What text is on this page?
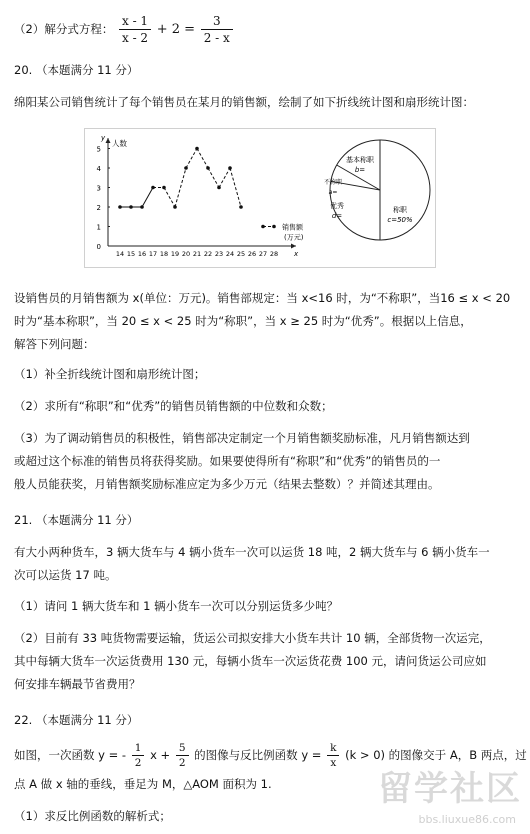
（2）解分式方程： $\frac{x - 1}{x - 2} + 2 = \frac{3}{2 - x}$
20. （本题满分 11 分）
绵阳某公司销售统计了每个销售员在某月的销售额，绘制了如下折线统计图和扇形统计图：
0
1
2
3
4
5
14 15 16 17 18 19 20 21 22 23 24 25 26 27 28 x
y
人数
销售额
(万元)
基本称职
b=
不称职
a=
优秀
d=
称职
c=50%
设销售员的月销售额为 x(单位：万元)。销售部规定：当 x<16 时，为“不称职”，当16 ≤ x < 20
时为“基本称职”，当 20 ≤ x < 25 时为“称职”，当 x ≥ 25 时为“优秀”。根据以上信息，
解答下列问题：
（1）补全折线统计图和扇形统计图；
（2）求所有“称职”和“优秀”的销售员销售额的中位数和众数；
（3）为了调动销售员的积极性，销售部决定制定一个月销售额奖励标准，凡月销售额达到
或超过这个标准的销售员将获得奖励。如果要使得所有“称职”和“优秀”的销售员的一
般人员能获奖，月销售额奖励标准应定为多少万元（结果去整数）？并简述其理由。
21. （本题满分 11 分）
有大小两种货车，3 辆大货车与 4 辆小货车一次可以运货 18 吨，2 辆大货车与 6 辆小货车一
次可以运货 17 吨。
（1）请问 1 辆大货车和 1 辆小货车一次可以分别运货多少吨？
（2）目前有 33 吨货物需要运输，货运公司拟安排大小货车共计 10 辆，全部货物一次运完，
其中每辆大货车一次运货费用 130 元，每辆小货车一次运货花费 100 元，请问货运公司应如
何安排车辆最节省费用？
22. （本题满分 11 分）
如图，一次函数 y = - $\frac{1}{2}$ $x + \frac{5}{2}$ 的图像与反比例函数 $y = \frac{k}{x} (k > 0)$ 的图像交于 A，B 两点，过
点 A 做 x 轴的垂线，垂足为 M，△AOM 面积为 1.
（1）求反比例函数的解析式；
留学社区
bbs.liuxue86.com
